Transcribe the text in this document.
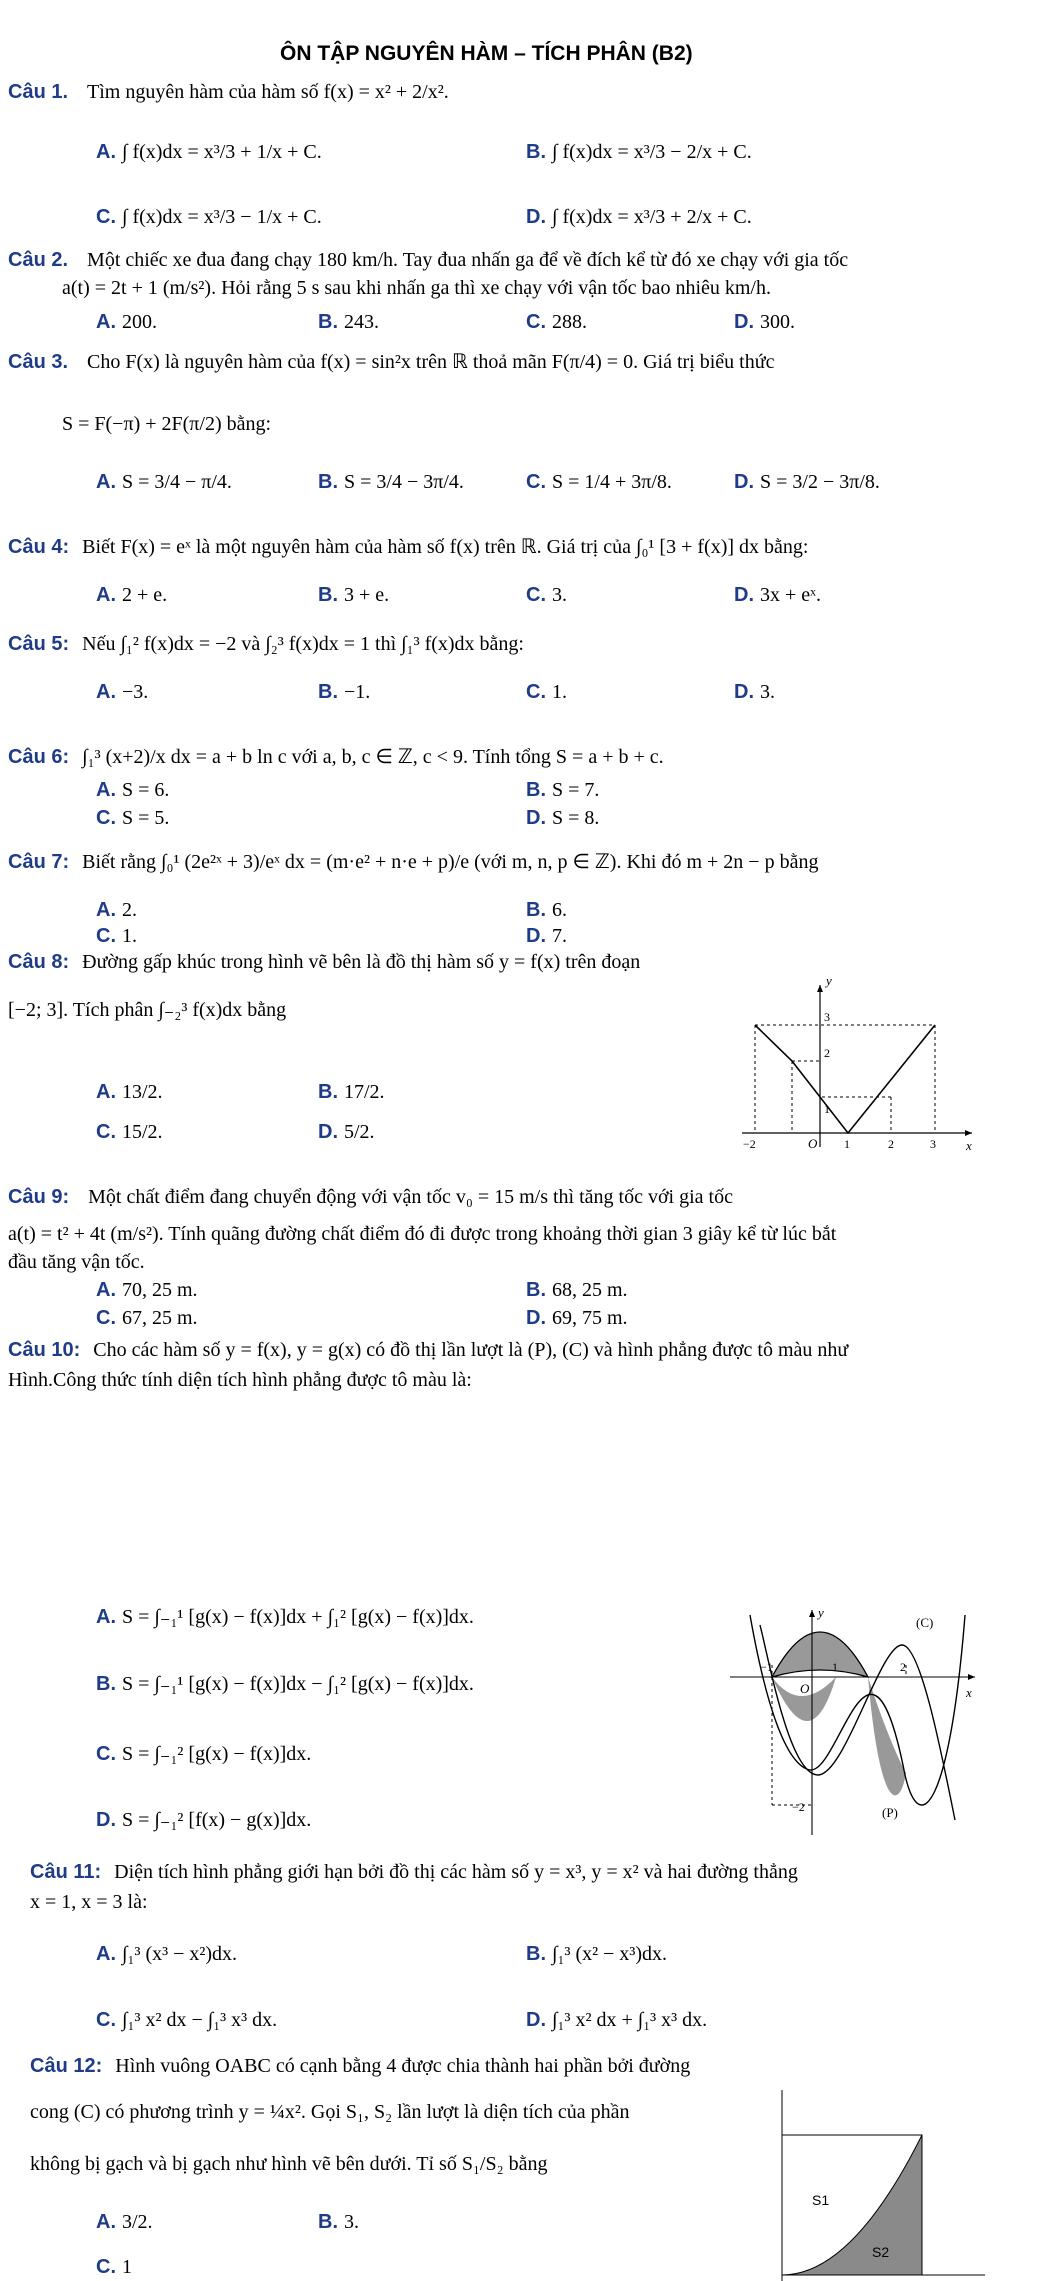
ÔN TẬP NGUYÊN HÀM – TÍCH PHÂN (B2)
Câu 1. Tìm nguyên hàm của hàm số f(x) = x² + 2/x².
A. ∫ f(x)dx = x³/3 + 1/x + C.	B. ∫ f(x)dx = x³/3 − 2/x + C.
C. ∫ f(x)dx = x³/3 − 1/x + C.	D. ∫ f(x)dx = x³/3 + 2/x + C.
Câu 2. Một chiếc xe đua đang chạy 180 km/h. Tay đua nhấn ga để về đích kể từ đó xe chạy với gia tốc
a(t) = 2t + 1 (m/s²). Hỏi rằng 5 s sau khi nhấn ga thì xe chạy với vận tốc bao nhiêu km/h.
A. 200.	B. 243.	C. 288.	D. 300.
Câu 3. Cho F(x) là nguyên hàm của f(x) = sin²x trên ℝ thoả mãn F(π/4) = 0. Giá trị biểu thức
S = F(−π) + 2F(π/2) bằng:
A. S = 3/4 − π/4.	B. S = 3/4 − 3π/4.	C. S = 1/4 + 3π/8.	D. S = 3/2 − 3π/8.
Câu 4: Biết F(x) = eˣ là một nguyên hàm của hàm số f(x) trên ℝ. Giá trị của ∫₀¹ [3 + f(x)] dx bằng:
A. 2 + e.	B. 3 + e.	C. 3.	D. 3x + eˣ.
Câu 5: Nếu ∫₁² f(x)dx = −2 và ∫₂³ f(x)dx = 1 thì ∫₁³ f(x)dx bằng:
A. −3.	B. −1.	C. 1.	D. 3.
Câu 6: ∫₁³ (x+2)/x dx = a + b ln c với a, b, c ∈ ℤ, c < 9. Tính tổng S = a + b + c.
A. S = 6.	B. S = 7.
C. S = 5.	D. S = 8.
Câu 7: Biết rằng ∫₀¹ (2e²ˣ + 3)/eˣ dx = (m·e² + n·e + p)/e (với m, n, p ∈ ℤ). Khi đó m + 2n − p bằng
A. 2.	B. 6.
C. 1.	D. 7.
Câu 8: Đường gấp khúc trong hình vẽ bên là đồ thị hàm số y = f(x) trên đoạn
[−2; 3]. Tích phân ∫₋₂³ f(x)dx bằng
A. 13/2.	B. 17/2.
C. 15/2.	D. 5/2.
y
x
O
−2	1	2	3
1
2
3
Câu 9: Một chất điểm đang chuyển động với vận tốc v₀ = 15 m/s thì tăng tốc với gia tốc
a(t) = t² + 4t (m/s²). Tính quãng đường chất điểm đó đi được trong khoảng thời gian 3 giây kể từ lúc bắt
đầu tăng vận tốc.
A. 70, 25 m.	B. 68, 25 m.
C. 67, 25 m.	D. 69, 75 m.
Câu 10: Cho các hàm số y = f(x), y = g(x) có đồ thị lần lượt là (P), (C) và hình phẳng được tô màu như
Hình.Công thức tính diện tích hình phẳng được tô màu là:
A. S = ∫₋₁¹ [g(x) − f(x)]dx + ∫₁² [g(x) − f(x)]dx.
B. S = ∫₋₁¹ [g(x) − f(x)]dx − ∫₁² [g(x) − f(x)]dx.
C. S = ∫₋₁² [g(x) − f(x)]dx.
D. S = ∫₋₁² [f(x) − g(x)]dx.
y
x
O
(C)
(P)
−1	1	2
−2
Câu 11: Diện tích hình phẳng giới hạn bởi đồ thị các hàm số y = x³, y = x² và hai đường thẳng
x = 1, x = 3 là:
A. ∫₁³ (x³ − x²)dx.	B. ∫₁³ (x² − x³)dx.
C. ∫₁³ x² dx − ∫₁³ x³ dx.	D. ∫₁³ x² dx + ∫₁³ x³ dx.
Câu 12: Hình vuông OABC có cạnh bằng 4 được chia thành hai phần bởi đường
cong (C) có phương trình y = ¼x². Gọi S₁, S₂ lần lượt là diện tích của phần
không bị gạch và bị gạch như hình vẽ bên dưới. Tỉ số S₁/S₂ bằng
A. 3/2.	B. 3.
C. 1
S1
S2
